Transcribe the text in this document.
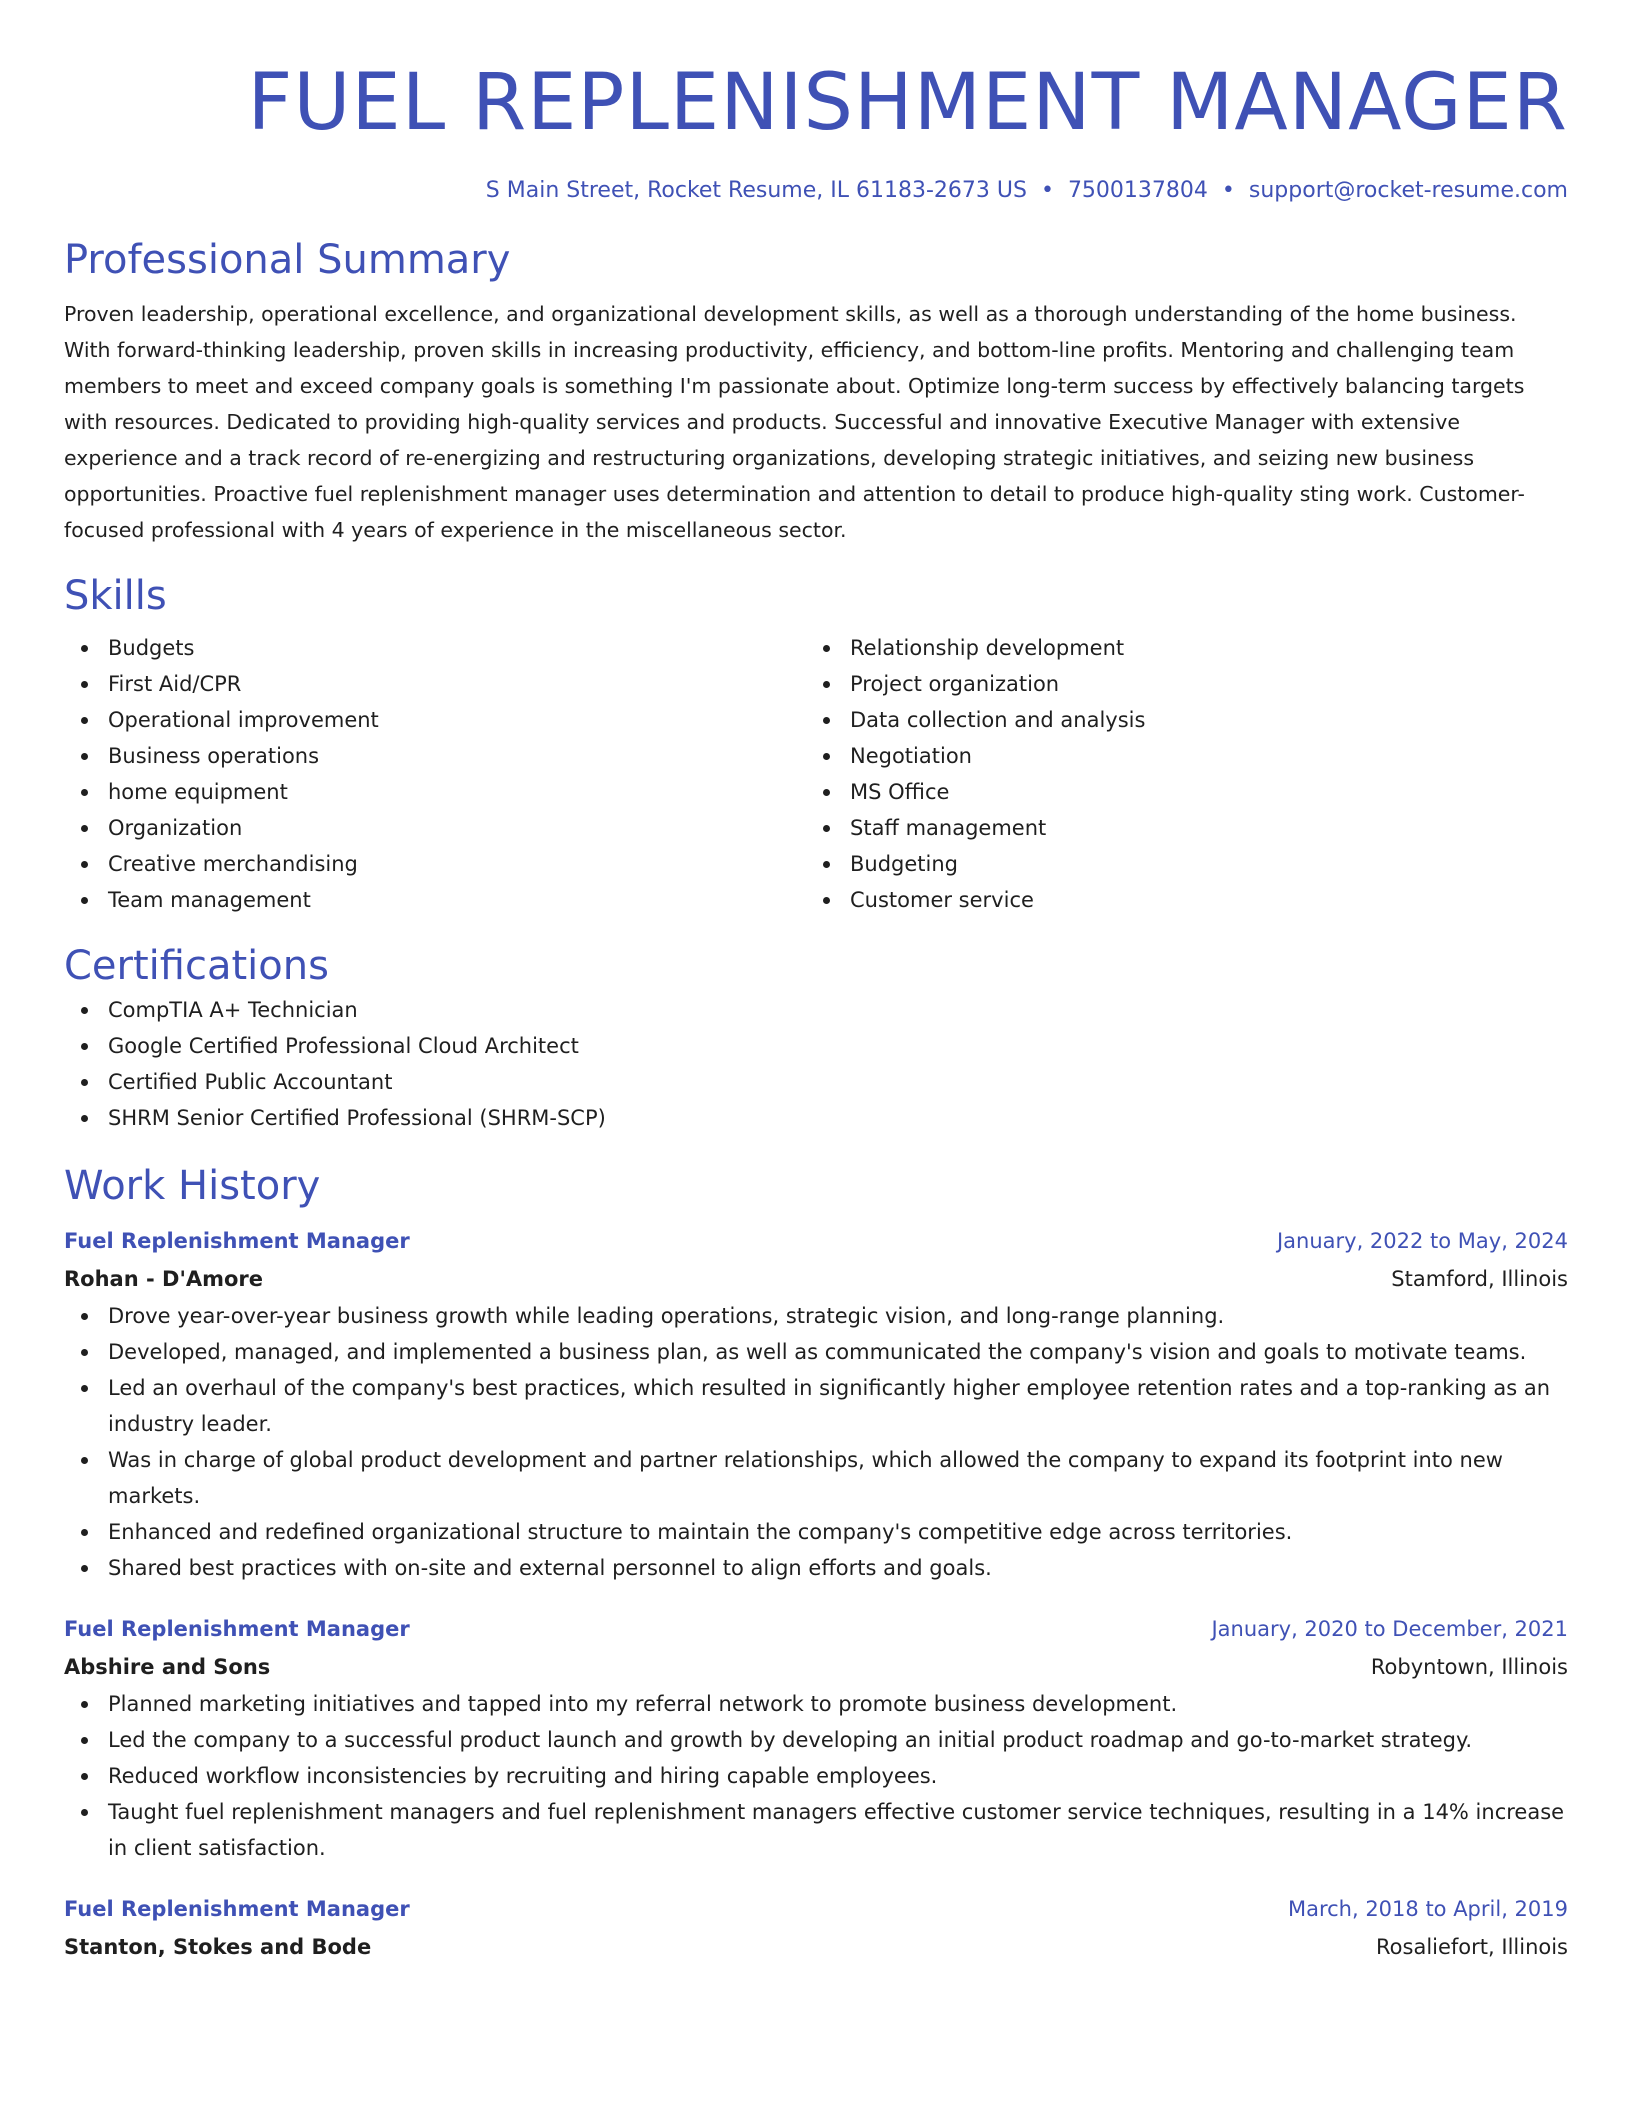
FUEL REPLENISHMENT MANAGER
S Main Street, Rocket Resume, IL 61183-2673 US • 7500137804 • support@rocket-resume.com
Professional Summary
Proven leadership, operational excellence, and organizational development skills, as well as a thorough understanding of the home business. With forward-thinking leadership, proven skills in increasing productivity, efficiency, and bottom-line profits. Mentoring and challenging team members to meet and exceed company goals is something I'm passionate about. Optimize long-term success by effectively balancing targets with resources. Dedicated to providing high-quality services and products. Successful and innovative Executive Manager with extensive experience and a track record of re-energizing and restructuring organizations, developing strategic initiatives, and seizing new business opportunities. Proactive fuel replenishment manager uses determination and attention to detail to produce high-quality sting work. Customer-focused professional with 4 years of experience in the miscellaneous sector.
Skills
Budgets
First Aid/CPR
Operational improvement
Business operations
home equipment
Organization
Creative merchandising
Team management
Relationship development
Project organization
Data collection and analysis
Negotiation
MS Office
Staff management
Budgeting
Customer service
Certifications
CompTIA A+ Technician
Google Certified Professional Cloud Architect
Certified Public Accountant
SHRM Senior Certified Professional (SHRM-SCP)
Work History
Fuel Replenishment Manager	January, 2022 to May, 2024
Rohan - D'Amore	Stamford, Illinois
Drove year-over-year business growth while leading operations, strategic vision, and long-range planning.
Developed, managed, and implemented a business plan, as well as communicated the company's vision and goals to motivate teams.
Led an overhaul of the company's best practices, which resulted in significantly higher employee retention rates and a top-ranking as an industry leader.
Was in charge of global product development and partner relationships, which allowed the company to expand its footprint into new markets.
Enhanced and redefined organizational structure to maintain the company's competitive edge across territories.
Shared best practices with on-site and external personnel to align efforts and goals.
Fuel Replenishment Manager	January, 2020 to December, 2021
Abshire and Sons	Robyntown, Illinois
Planned marketing initiatives and tapped into my referral network to promote business development.
Led the company to a successful product launch and growth by developing an initial product roadmap and go-to-market strategy.
Reduced workflow inconsistencies by recruiting and hiring capable employees.
Taught fuel replenishment managers and fuel replenishment managers effective customer service techniques, resulting in a 14% increase in client satisfaction.
Fuel Replenishment Manager	March, 2018 to April, 2019
Stanton, Stokes and Bode	Rosaliefort, Illinois
